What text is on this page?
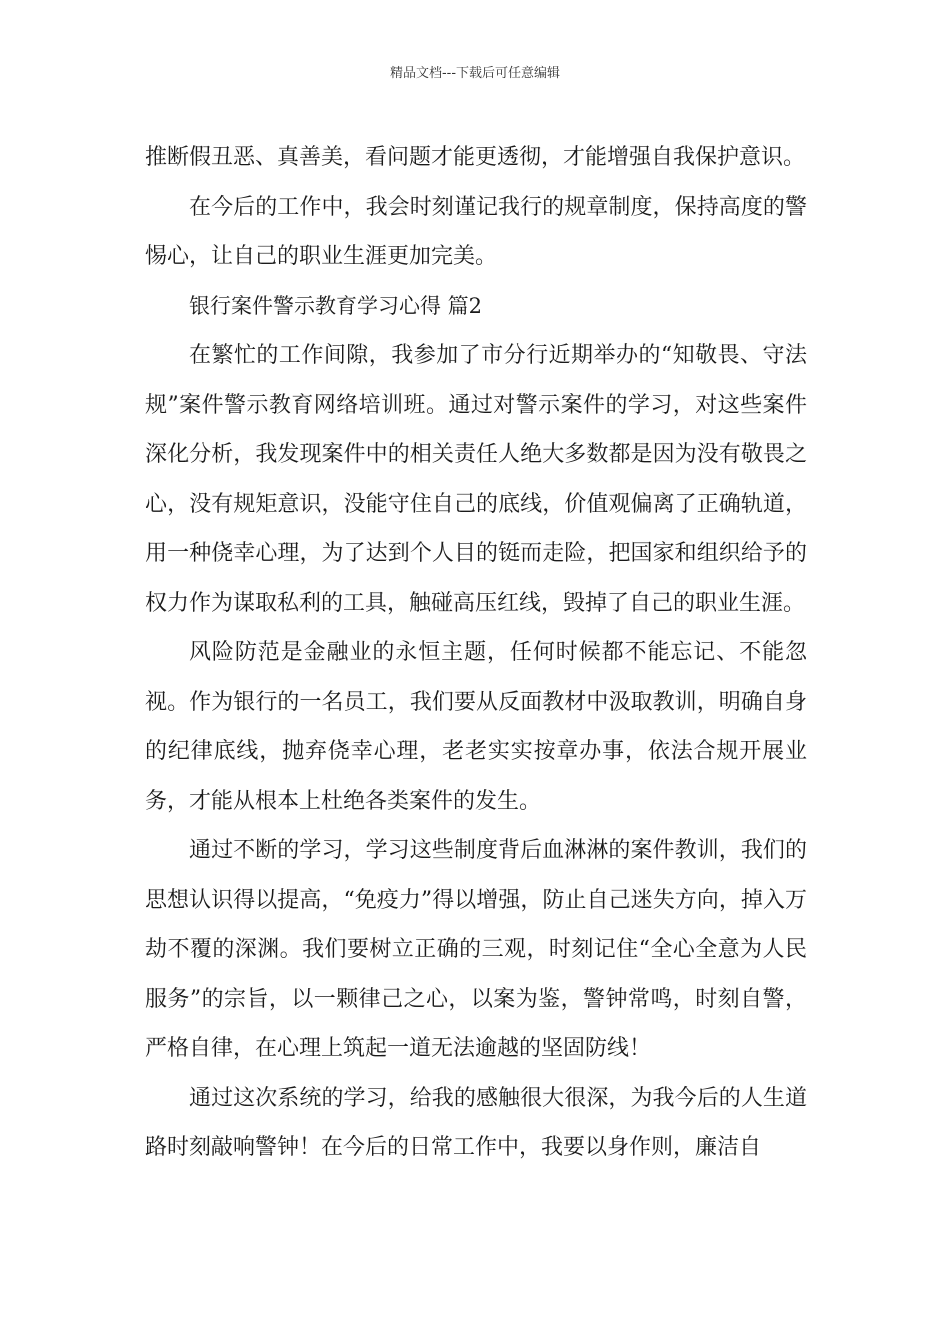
精品文档---下载后可任意编辑

推断假丑恶、真善美，看问题才能更透彻，才能增强自我保护意识。

在今后的工作中，我会时刻谨记我行的规章制度，保持高度的警惕心，让自己的职业生涯更加完美。

银行案件警示教育学习心得 篇2

在繁忙的工作间隙，我参加了市分行近期举办的“知敬畏、守法规”案件警示教育网络培训班。通过对警示案件的学习，对这些案件深化分析，我发现案件中的相关责任人绝大多数都是因为没有敬畏之心，没有规矩意识，没能守住自己的底线，价值观偏离了正确轨道，用一种侥幸心理，为了达到个人目的铤而走险，把国家和组织给予的权力作为谋取私利的工具，触碰高压红线，毁掉了自己的职业生涯。

风险防范是金融业的永恒主题，任何时候都不能忘记、不能忽视。作为银行的一名员工，我们要从反面教材中汲取教训，明确自身的纪律底线，抛弃侥幸心理，老老实实按章办事，依法合规开展业务，才能从根本上杜绝各类案件的发生。

通过不断的学习，学习这些制度背后血淋淋的案件教训，我们的思想认识得以提高，“免疫力”得以增强，防止自己迷失方向，掉入万劫不覆的深渊。我们要树立正确的三观，时刻记住“全心全意为人民服务”的宗旨，以一颗律己之心，以案为鉴，警钟常鸣，时刻自警，严格自律，在心理上筑起一道无法逾越的坚固防线！

通过这次系统的学习，给我的感触很大很深，为我今后的人生道路时刻敲响警钟！在今后的日常工作中，我要以身作则，廉洁自
